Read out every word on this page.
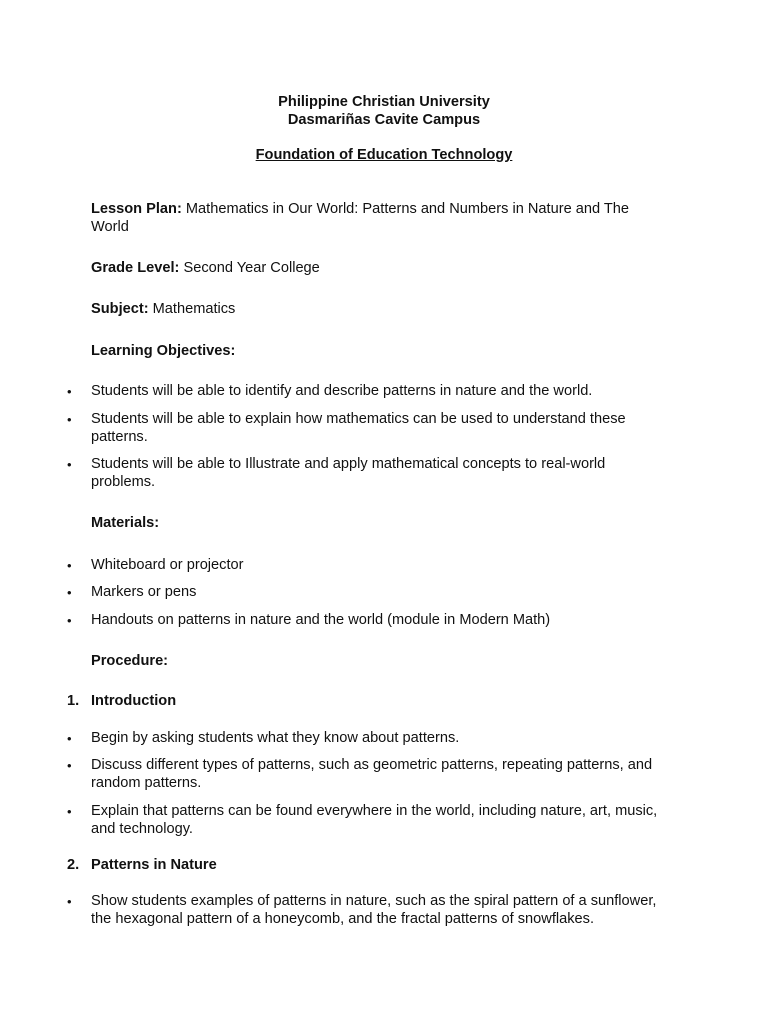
Philippine Christian University
Dasmariñas Cavite Campus
Foundation of Education Technology
Lesson Plan: Mathematics in Our World: Patterns and Numbers in Nature and The
World
Grade Level: Second Year College
Subject: Mathematics
Learning Objectives:
• Students will be able to identify and describe patterns in nature and the world.
• Students will be able to explain how mathematics can be used to understand these
patterns.
• Students will be able to Illustrate and apply mathematical concepts to real-world
problems.
Materials:
• Whiteboard or projector
• Markers or pens
• Handouts on patterns in nature and the world (module in Modern Math)
Procedure:
1. Introduction
• Begin by asking students what they know about patterns.
• Discuss different types of patterns, such as geometric patterns, repeating patterns, and
random patterns.
• Explain that patterns can be found everywhere in the world, including nature, art, music,
and technology.
2. Patterns in Nature
• Show students examples of patterns in nature, such as the spiral pattern of a sunflower,
the hexagonal pattern of a honeycomb, and the fractal patterns of snowflakes.
